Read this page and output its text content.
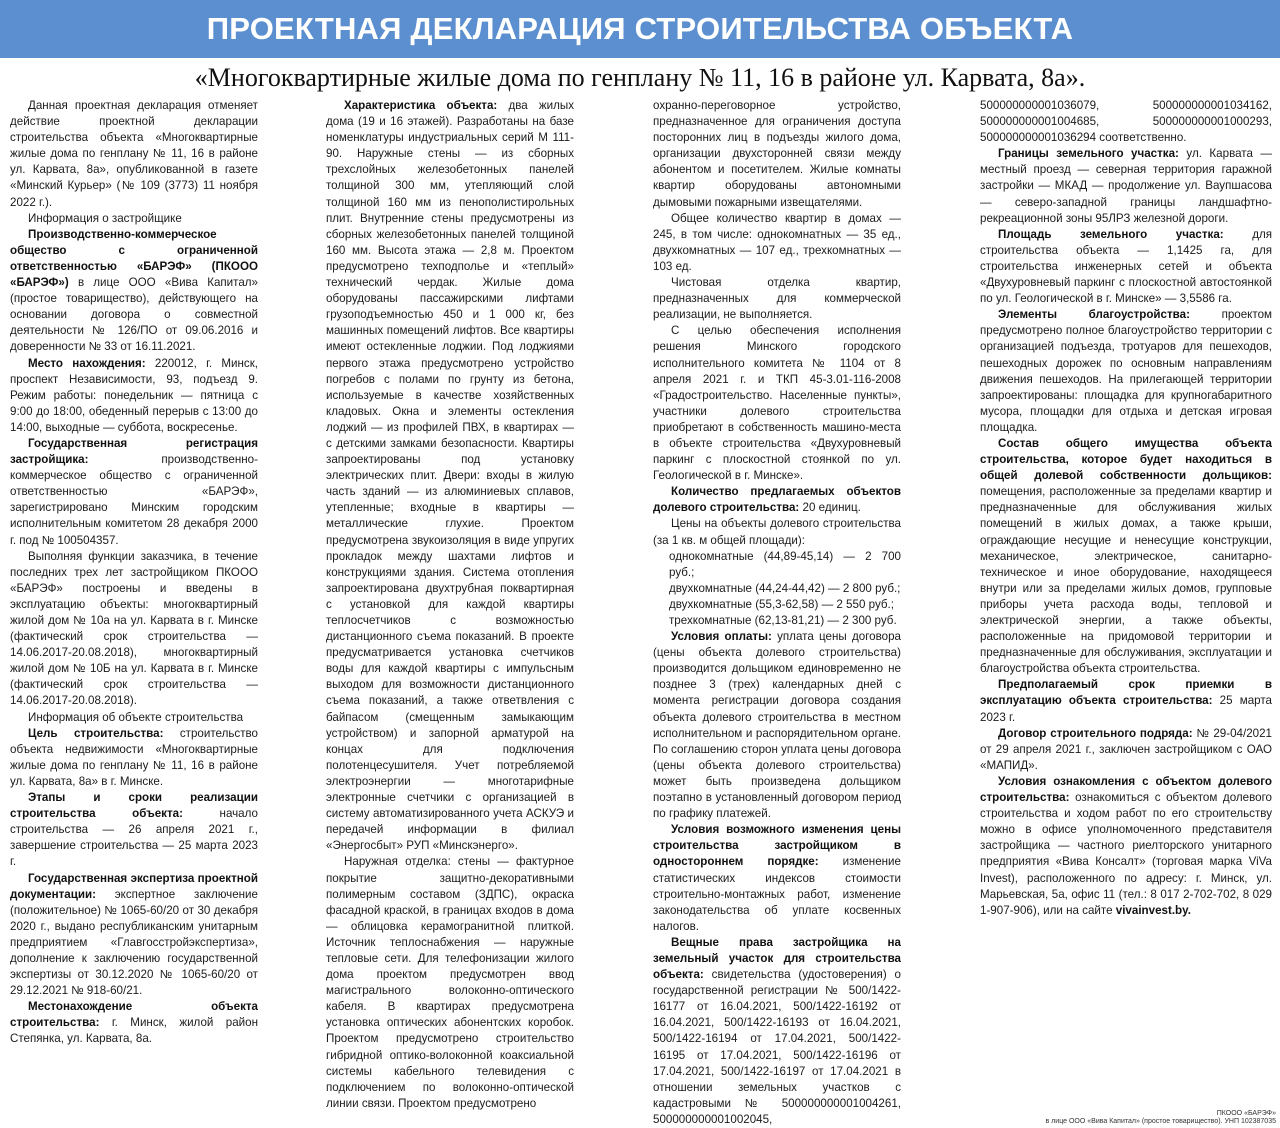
ПРОЕКТНАЯ ДЕКЛАРАЦИЯ СТРОИТЕЛЬСТВА ОБЪЕКТА
«Многоквартирные жилые дома по генплану № 11, 16 в районе ул. Карвата, 8а».

Данная проектная декларация отменяет действие проектной декларации строительства объекта «Многоквартирные жилые дома по генплану № 11, 16 в районе ул. Карвата, 8а», опубликованной в газете «Минский Курьер» (№ 109 (3773) 11 ноября 2022 г.).

Информация о застройщике

Производственно-коммерческое общество с ограниченной ответственностью «БАРЭФ» (ПКООО «БАРЭФ») в лице ООО «Вива Капитал» (простое товарищество), действующего на основании договора о совместной деятельности № 126/ПО от 09.06.2016 и доверенности № 33 от 16.11.2021.

Место нахождения: 220012, г. Минск, проспект Независимости, 93, подъезд 9. Режим работы: понедельник — пятница с 9:00 до 18:00, обеденный перерыв с 13:00 до 14:00, выходные — суббота, воскресенье.

Государственная регистрация застройщика:	производственно-коммерческое общество с ограниченной ответственностью «БАРЭФ», зарегистрировано Минским городским исполнительным комитетом 28 декабря 2000 г. под № 100504357.

Выполняя функции заказчика, в течение последних трех лет застройщиком ПКООО «БАРЭФ» построены и введены в эксплуатацию объекты: многоквартирный жилой дом № 10а на ул. Карвата в г. Минске (фактический срок строительства — 14.06.2017-20.08.2018), многоквартирный жилой дом № 10Б на ул. Карвата в г. Минске (фактический срок строительства — 14.06.2017-20.08.2018).

Информация об объекте строительства

Цель строительства: строительство объекта недвижимости «Многоквартирные жилые дома по генплану № 11, 16 в районе ул. Карвата, 8а» в г. Минске.

Этапы и сроки реализации строительства объекта:	начало строительства — 26 апреля 2021 г., завершение строительства — 25 марта 2023 г.

Государственная экспертиза проектной документации: экспертное заключение (положительное) № 1065-60/20 от 30 декабря 2020 г., выдано республиканским унитарным предприятием «Главгосстройэкспертиза», дополнение к заключению государственной экспертизы от 30.12.2020 № 1065-60/20 от 29.12.2021 № 918-60/21.

Местонахождение объекта строительства: г. Минск, жилой район Степянка, ул. Карвата, 8а.

Характеристика объекта: два жилых дома (19 и 16 этажей). Разработаны на базе номенклатуры индустриальных серий М 111-90. Наружные стены — из сборных трехслойных железобетонных панелей толщиной 300 мм, утепляющий слой толщиной 160 мм из пенополистирольных плит. Внутренние стены предусмотрены из сборных железобетонных панелей толщиной 160 мм. Высота этажа — 2,8 м. Проектом предусмотрено техподполье и «теплый» технический чердак. Жилые дома оборудованы пассажирскими лифтами грузоподъемностью 450 и 1 000 кг, без машинных помещений лифтов. Все квартиры имеют остекленные лоджии. Под лоджиями первого этажа предусмотрено устройство погребов с полами по грунту из бетона, используемые в качестве хозяйственных кладовых. Окна и элементы остекления лоджий — из профилей ПВХ, в квартирах — с детскими замками безопасности. Квартиры запроектированы под установку электрических плит. Двери: входы в жилую часть зданий — из алюминиевых сплавов, утепленные; входные в квартиры — металлические глухие. Проектом предусмотрена звукоизоляция в виде упругих прокладок между шахтами лифтов и конструкциями здания. Система отопления запроектирована двухтрубная поквартирная с установкой для каждой квартиры теплосчетчиков с возможностью дистанционного съема показаний. В проекте предусматривается установка счетчиков воды для каждой квартиры с импульсным выходом для возможности дистанционного съема показаний, а также ответвления с байпасом (смещенным замыкающим устройством) и запорной арматурой на концах для подключения полотенцесушителя. Учет потребляемой электроэнергии — многотарифные электронные счетчики с организацией в систему автоматизированного учета АСКУЭ и передачей информации в филиал «Энергосбыт» РУП «Минскэнерго».

Наружная отделка: стены — фактурное покрытие защитно-декоративными полимерным составом (ЗДПС), окраска фасадной краской, в границах входов в дома — облицовка керамогранитной плиткой. Источник теплоснабжения — наружные тепловые сети. Для телефонизации жилого дома проектом предусмотрен ввод магистрального волоконно-оптического кабеля. В квартирах предусмотрена установка оптических абонентских коробок. Проектом предусмотрено строительство гибридной оптико-волоконной коаксиальной системы кабельного телевидения с подключением по волоконно-оптической линии связи. Проектом предусмотрено

охранно-переговорное устройство, предназначенное для ограничения доступа посторонних лиц в подъезды жилого дома, организации двухсторонней связи между абонентом и посетителем. Жилые комнаты квартир оборудованы автономными дымовыми пожарными извещателями.

Общее количество квартир в домах — 245, в том числе: однокомнатных — 35 ед., двухкомнатных — 107 ед., трехкомнатных — 103 ед.

Чистовая отделка квартир, предназначенных для коммерческой реализации, не выполняется.

С целью обеспечения исполнения решения Минского городского исполнительного комитета № 1104 от 8 апреля 2021 г. и ТКП 45-3.01-116-2008 «Градостроительство. Населенные пункты», участники долевого строительства приобретают в собственность машино-места в объекте строительства «Двухуровневый паркинг с плоскостной стоянкой по ул. Геологической в г. Минске».

Количество предлагаемых объектов долевого строительства: 20 единиц.

Цены на объекты долевого строительства (за 1 кв. м общей площади):

однокомнатные (44,89-45,14) — 2 700 руб.;

двухкомнатные (44,24-44,42) — 2 800 руб.;

двухкомнатные (55,3-62,58) — 2 550 руб.;

трехкомнатные (62,13-81,21) — 2 300 руб.

Условия оплаты: уплата цены договора (цены объекта долевого строительства) производится дольщиком единовременно не позднее 3 (трех) календарных дней с момента регистрации договора создания объекта долевого строительства в местном исполнительном и распорядительном органе. По соглашению сторон уплата цены договора (цены объекта долевого строительства) может быть произведена дольщиком поэтапно в установленный договором период по графику платежей.

Условия возможного изменения цены строительства застройщиком в одностороннем порядке: изменение статистических индексов стоимости строительно-монтажных работ, изменение законодательства об уплате косвенных налогов.

Вещные права застройщика на земельный участок для строительства объекта: свидетельства (удостоверения) о государственной регистрации № 500/1422-16177 от 16.04.2021, 500/1422-16192 от 16.04.2021, 500/1422-16193 от 16.04.2021, 500/1422-16194 от 17.04.2021, 500/1422-16195 от 17.04.2021, 500/1422-16196 от 17.04.2021, 500/1422-16197 от 17.04.2021 в отношении земельных участков с кадастровыми № 500000000001004261, 500000000001002045,

500000000001036079, 500000000001034162, 500000000001004685, 500000000001000293, 500000000001036294 соответственно.

Границы земельного участка: ул. Карвата — местный проезд — северная территория гаражной застройки — МКАД — продолжение ул. Ваупшасова — северо-западной границы ландшафтно-рекреационной зоны 95ЛРЗ железной дороги.

Площадь земельного участка: для строительства объекта — 1,1425 га, для строительства инженерных сетей и объекта «Двухуровневый паркинг с плоскостной автостоянкой по ул. Геологической в г. Минске» — 3,5586 га.

Элементы благоустройства:	проектом предусмотрено полное благоустройство территории с организацией подъезда, тротуаров для пешеходов, пешеходных дорожек по основным направлениям движения пешеходов. На прилегающей территории запроектированы: площадка для крупногабаритного мусора, площадки для отдыха и детская игровая площадка.

Состав общего имущества объекта строительства, которое будет находиться в общей долевой собственности дольщиков: помещения, расположенные за пределами квартир и предназначенные для обслуживания жилых помещений в жилых домах, а также крыши, ограждающие несущие и ненесущие конструкции, механическое, электрическое, санитарно-техническое и иное оборудование, находящееся внутри или за пределами жилых домов, групповые приборы учета расхода воды, тепловой и электрической энергии, а также объекты, расположенные на придомовой территории и предназначенные для обслуживания, эксплуатации и благоустройства объекта строительства.

Предполагаемый срок приемки в эксплуатацию объекта строительства: 25 марта 2023 г.

Договор строительного подряда: № 29-04/2021 от 29 апреля 2021 г., заключен застройщиком с ОАО «МАПИД».

Условия ознакомления с объектом долевого строительства: ознакомиться с объектом долевого строительства и ходом работ по его строительству можно в офисе уполномоченного представителя застройщика — частного риелторского унитарного предприятия «Вива Консалт» (торговая марка ViVa Invest), расположенного по адресу: г. Минск, ул. Марьевская, 5а, офис 11 (тел.: 8 017 2-702-702, 8 029 1-907-906), или на сайте vivainvest.by.

ПКООО «БАРЭФ»
в лице ООО «Вива Капитал» (простое товарищество). УНП 102387035
